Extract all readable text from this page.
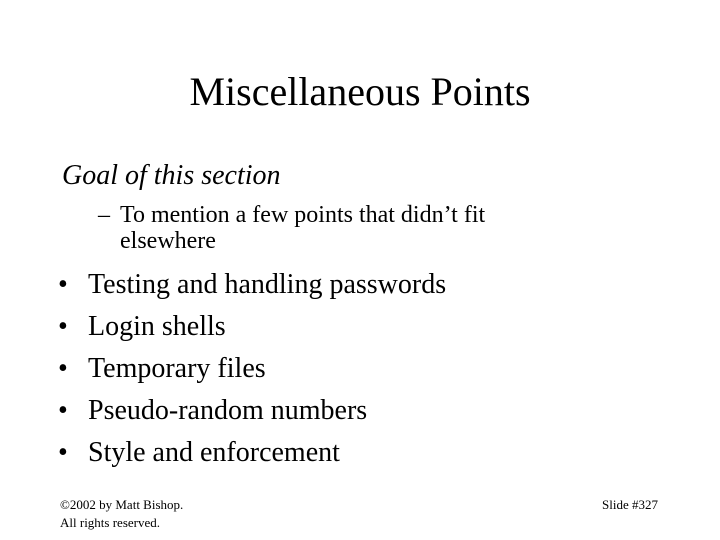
Miscellaneous Points
Goal of this section
– To mention a few points that didn’t fit elsewhere
• Testing and handling passwords
• Login shells
• Temporary files
• Pseudo-random numbers
• Style and enforcement
©2002 by Matt Bishop.
All rights reserved.
Slide #327
